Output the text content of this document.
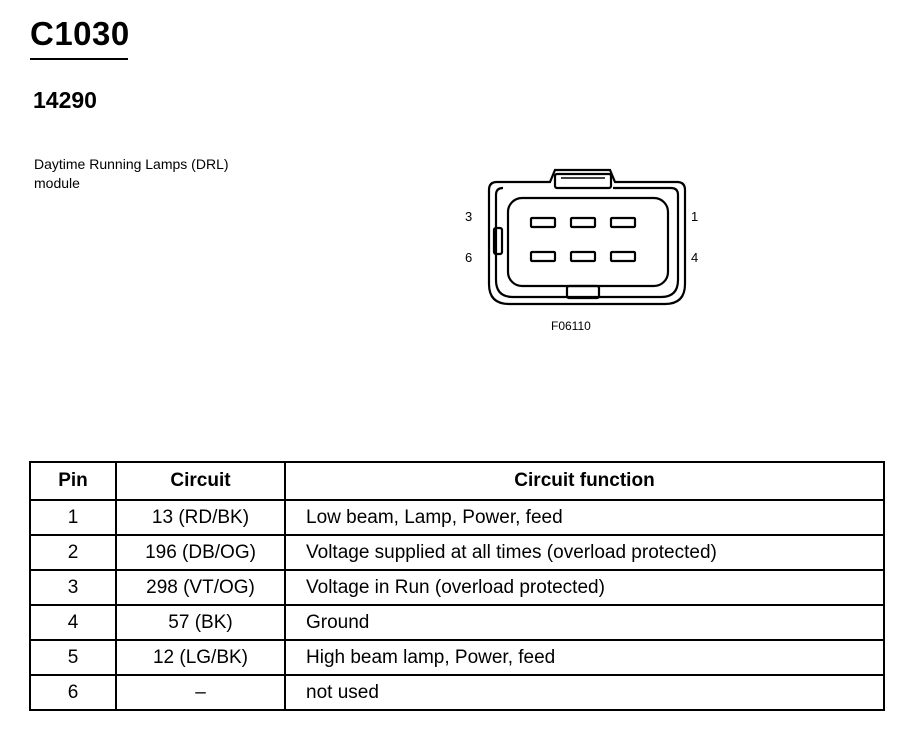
C1030
14290
Daytime Running Lamps (DRL)
module
3
6
1
4
F06110
Pin	Circuit	Circuit function
1	13 (RD/BK)	Low beam, Lamp, Power, feed
2	196 (DB/OG)	Voltage supplied at all times (overload protected)
3	298 (VT/OG)	Voltage in Run (overload protected)
4	57 (BK)	Ground
5	12 (LG/BK)	High beam lamp, Power, feed
6	–	not used
